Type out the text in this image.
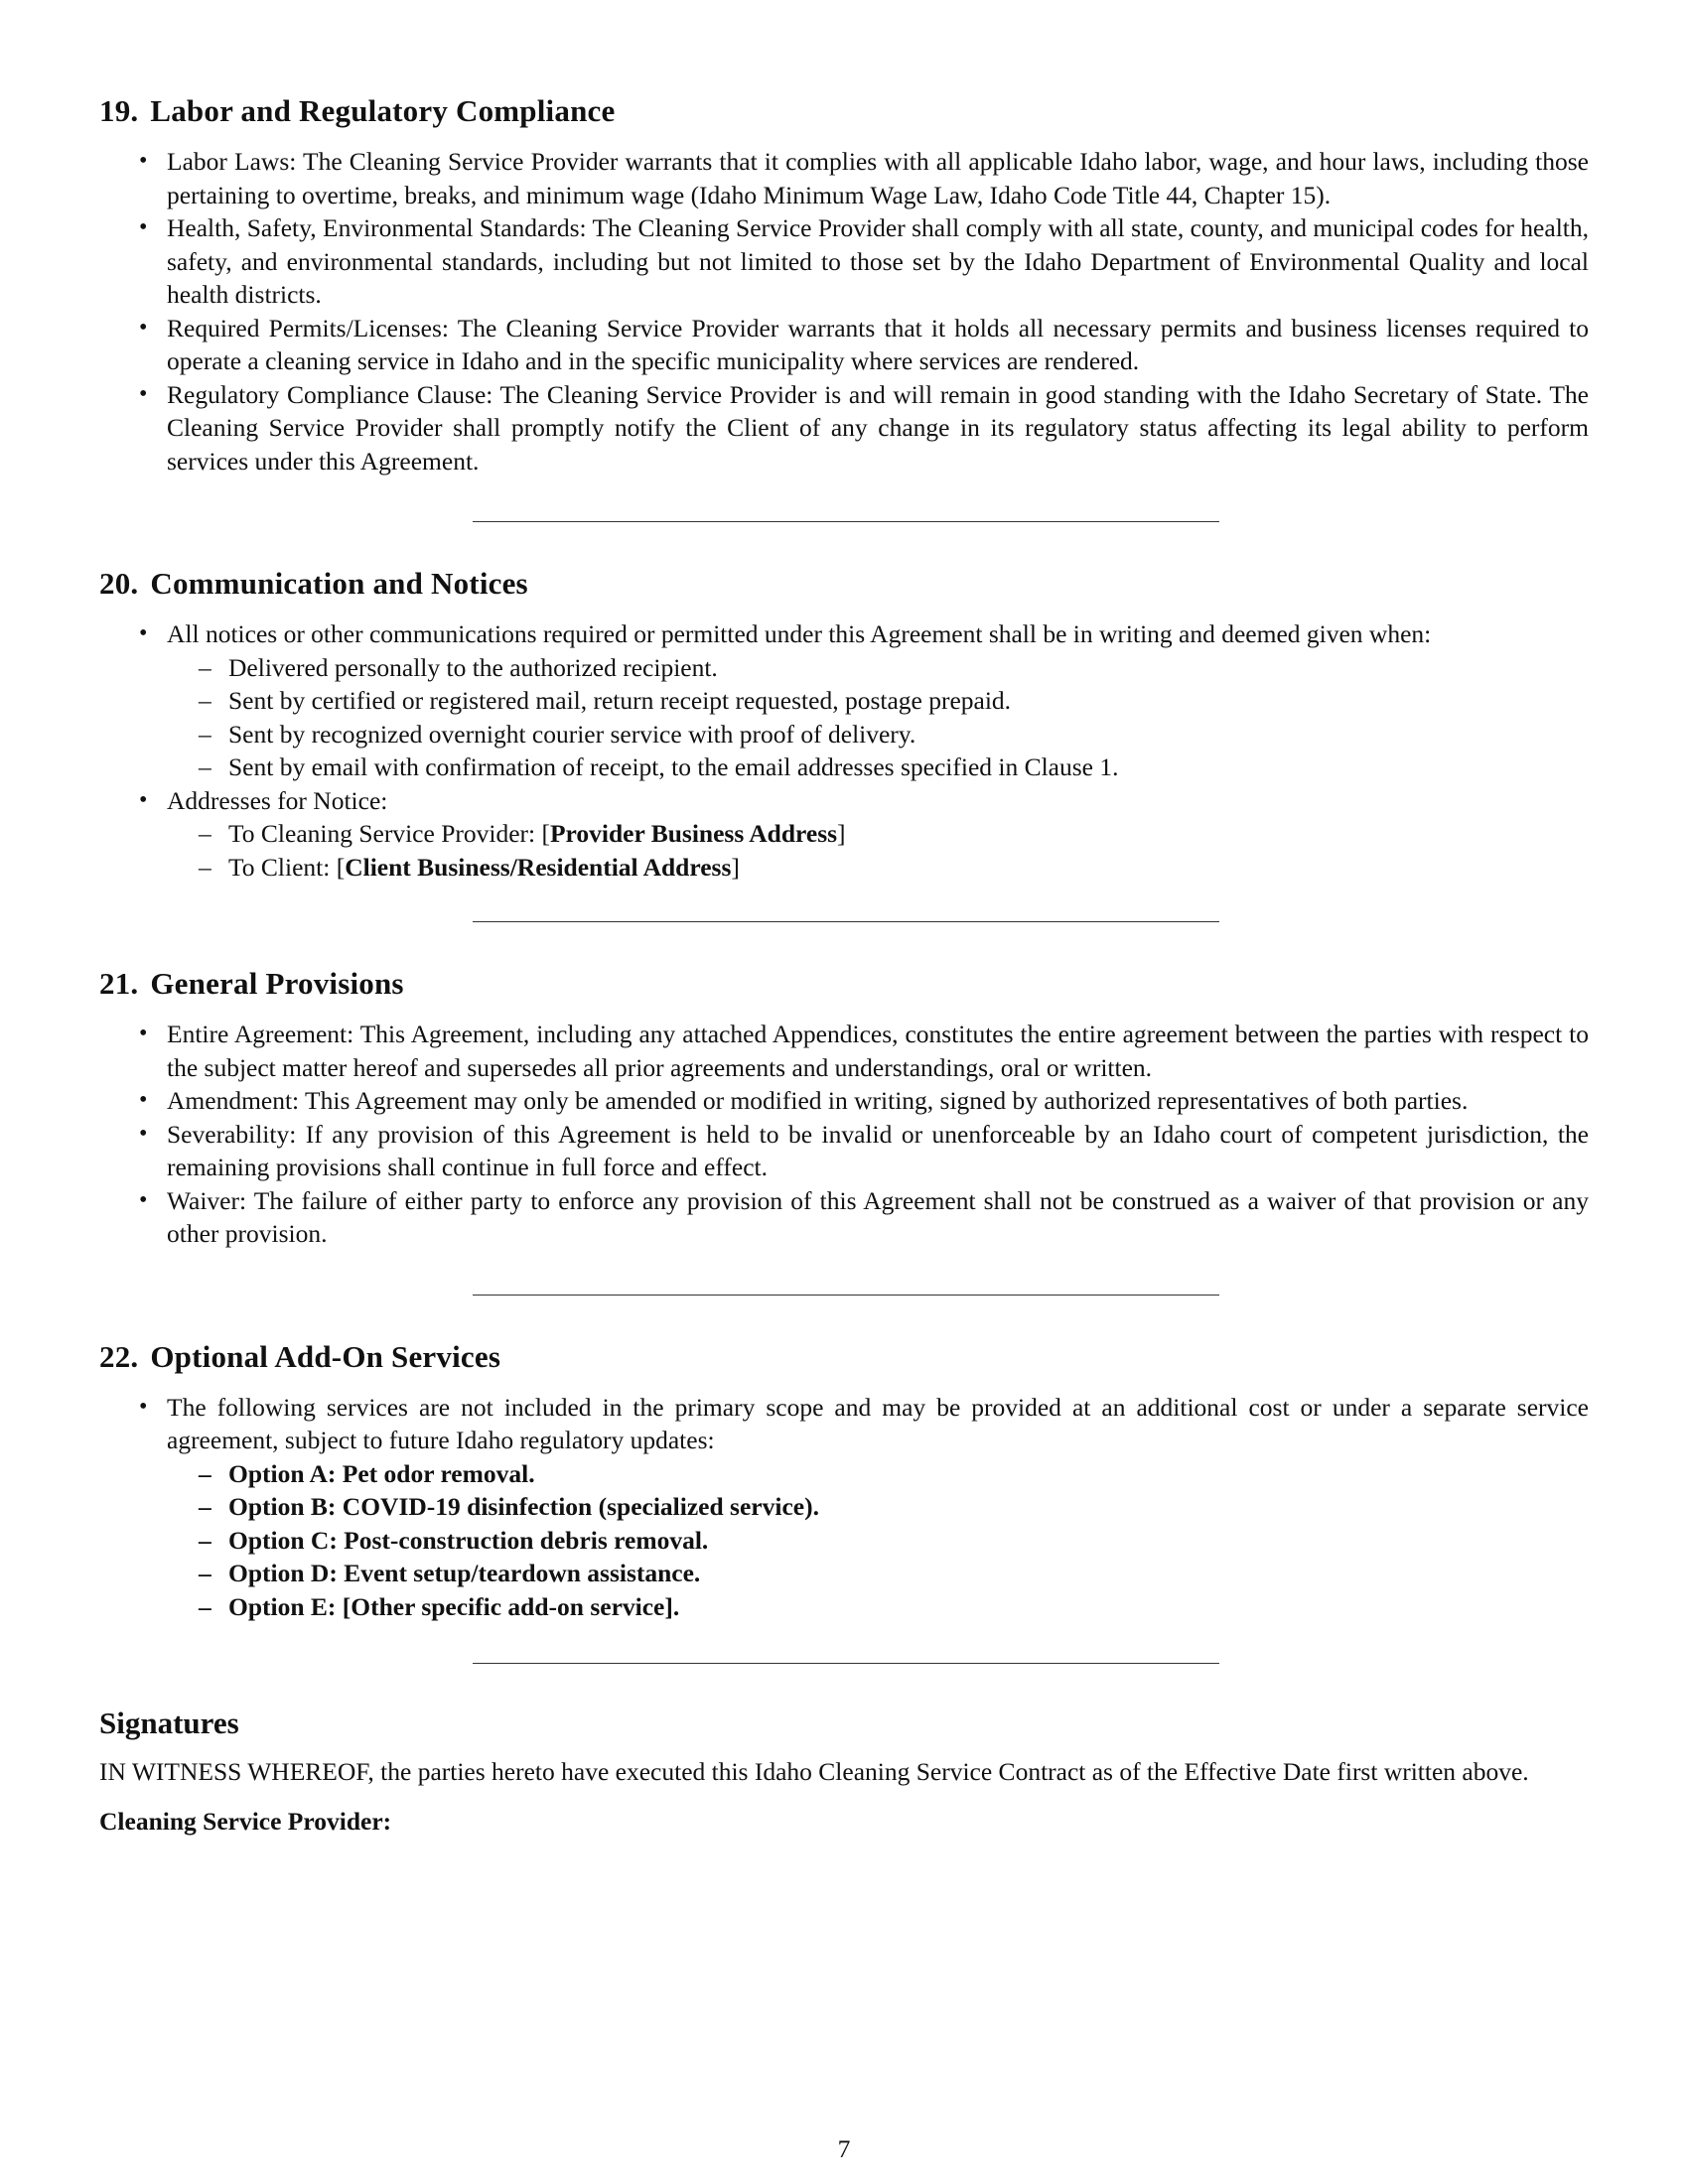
19. Labor and Regulatory Compliance
• Labor Laws: The Cleaning Service Provider warrants that it complies with all applicable Idaho labor, wage, and hour laws, including those pertaining to overtime, breaks, and minimum wage (Idaho Minimum Wage Law, Idaho Code Title 44, Chapter 15).
• Health, Safety, Environmental Standards: The Cleaning Service Provider shall comply with all state, county, and municipal codes for health, safety, and environmental standards, including but not limited to those set by the Idaho Department of Environmental Quality and local health districts.
• Required Permits/Licenses: The Cleaning Service Provider warrants that it holds all necessary permits and business licenses required to operate a cleaning service in Idaho and in the specific municipality where services are rendered.
• Regulatory Compliance Clause: The Cleaning Service Provider is and will remain in good standing with the Idaho Secretary of State. The Cleaning Service Provider shall promptly notify the Client of any change in its regulatory status affecting its legal ability to perform services under this Agreement.
20. Communication and Notices
• All notices or other communications required or permitted under this Agreement shall be in writing and deemed given when:
– Delivered personally to the authorized recipient.
– Sent by certified or registered mail, return receipt requested, postage prepaid.
– Sent by recognized overnight courier service with proof of delivery.
– Sent by email with confirmation of receipt, to the email addresses specified in Clause 1.
• Addresses for Notice:
– To Cleaning Service Provider: [Provider Business Address]
– To Client: [Client Business/Residential Address]
21. General Provisions
• Entire Agreement: This Agreement, including any attached Appendices, constitutes the entire agreement between the parties with respect to the subject matter hereof and supersedes all prior agreements and understandings, oral or written.
• Amendment: This Agreement may only be amended or modified in writing, signed by authorized representatives of both parties.
• Severability: If any provision of this Agreement is held to be invalid or unenforceable by an Idaho court of competent jurisdiction, the remaining provisions shall continue in full force and effect.
• Waiver: The failure of either party to enforce any provision of this Agreement shall not be construed as a waiver of that provision or any other provision.
22. Optional Add-On Services
• The following services are not included in the primary scope and may be provided at an additional cost or under a separate service agreement, subject to future Idaho regulatory updates:
– Option A: Pet odor removal.
– Option B: COVID-19 disinfection (specialized service).
– Option C: Post-construction debris removal.
– Option D: Event setup/teardown assistance.
– Option E: [Other specific add-on service].
Signatures

IN WITNESS WHEREOF, the parties hereto have executed this Idaho Cleaning Service Contract as of the Effective Date first written above.

Cleaning Service Provider:
7
